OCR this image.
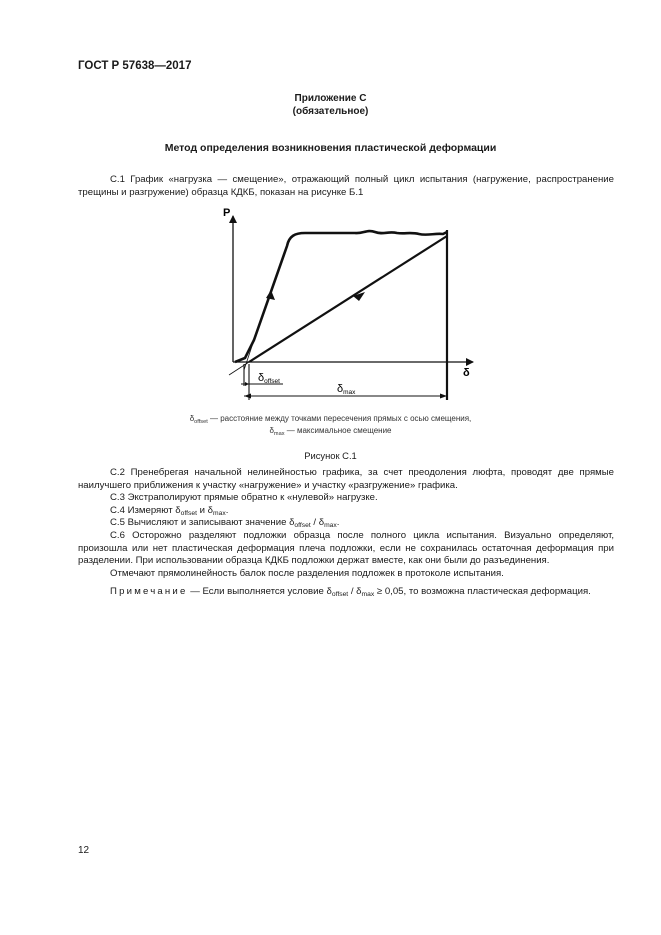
ГОСТ Р 57638—2017
Приложение С
(обязательное)
Метод определения возникновения пластической деформации

С.1 График «нагрузка — смещение», отражающий полный цикл испытания (нагружение, распространение трещины и разгружение) образца КДКБ, показан на рисунке Б.1

P
δ
δoffset
δmax
$\delta_{offset}$ — расстояние между точками пересечения прямых с осью смещения,
$\delta_{max}$ — максимальное смещение
Рисунок С.1

С.2 Пренебрегая начальной нелинейностью графика, за счет преодоления люфта, проводят две прямые наилучшего приближения к участку «нагружение» и участку «разгружение» графика.

С.3 Экстраполируют прямые обратно к «нулевой» нагрузке.

С.4 Измеряют $\delta_{offset}$ и $\delta_{max}$.

С.5 Вычисляют и записывают значение $\delta_{offset} / \delta_{max}$.

С.6 Осторожно разделяют подложки образца после полного цикла испытания. Визуально определяют, произошла или нет пластическая деформация плеча подложки, если не сохранилась остаточная деформация при разделении. При использовании образца КДКБ подложки держат вместе, как они были до разъединения.

Отмечают прямолинейность балок после разделения подложек в протоколе испытания.

Примечание — Если выполняется условие $\delta_{offset} / \delta_{max} \ge 0,05$, то возможна пластическая деформация.

12
